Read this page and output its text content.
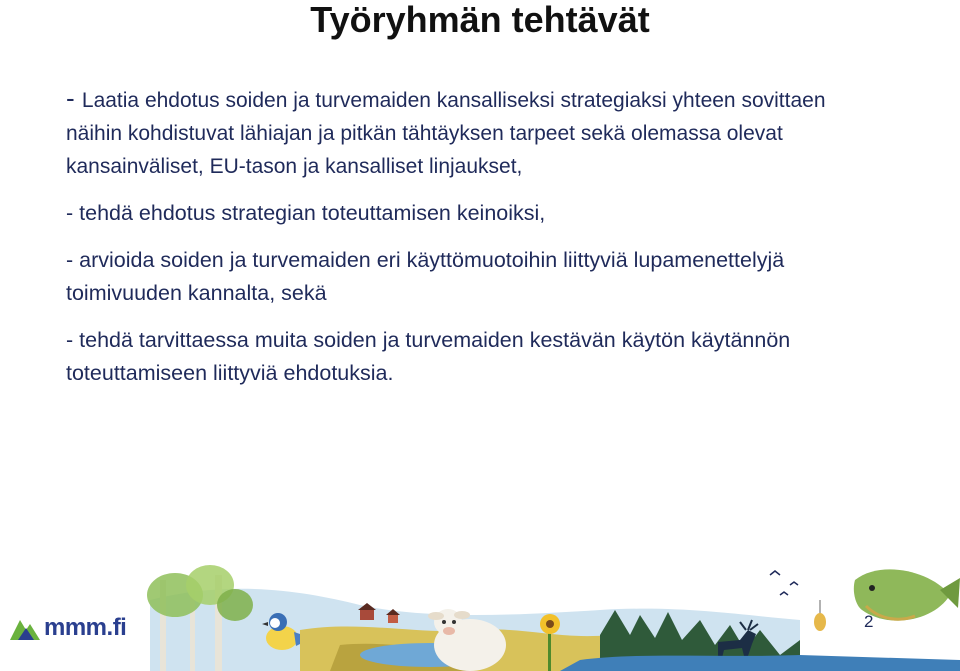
Työryhmän tehtävät

- Laatia ehdotus soiden ja turvemaiden kansalliseksi strategiaksi yhteen sovittaen näihin kohdistuvat lähiajan ja pitkän tähtäyksen tarpeet sekä olemassa olevat kansainväliset, EU-tason ja kansalliset linjaukset,

- tehdä ehdotus strategian toteuttamisen keinoiksi,

- arvioida soiden ja turvemaiden eri käyttömuotoihin liittyviä lupamenettelyjä toimivuuden kannalta, sekä

- tehdä tarvittaessa muita soiden ja turvemaiden kestävän käytön käytännön toteuttamiseen liittyviä ehdotuksia.

mmm.fi	2
